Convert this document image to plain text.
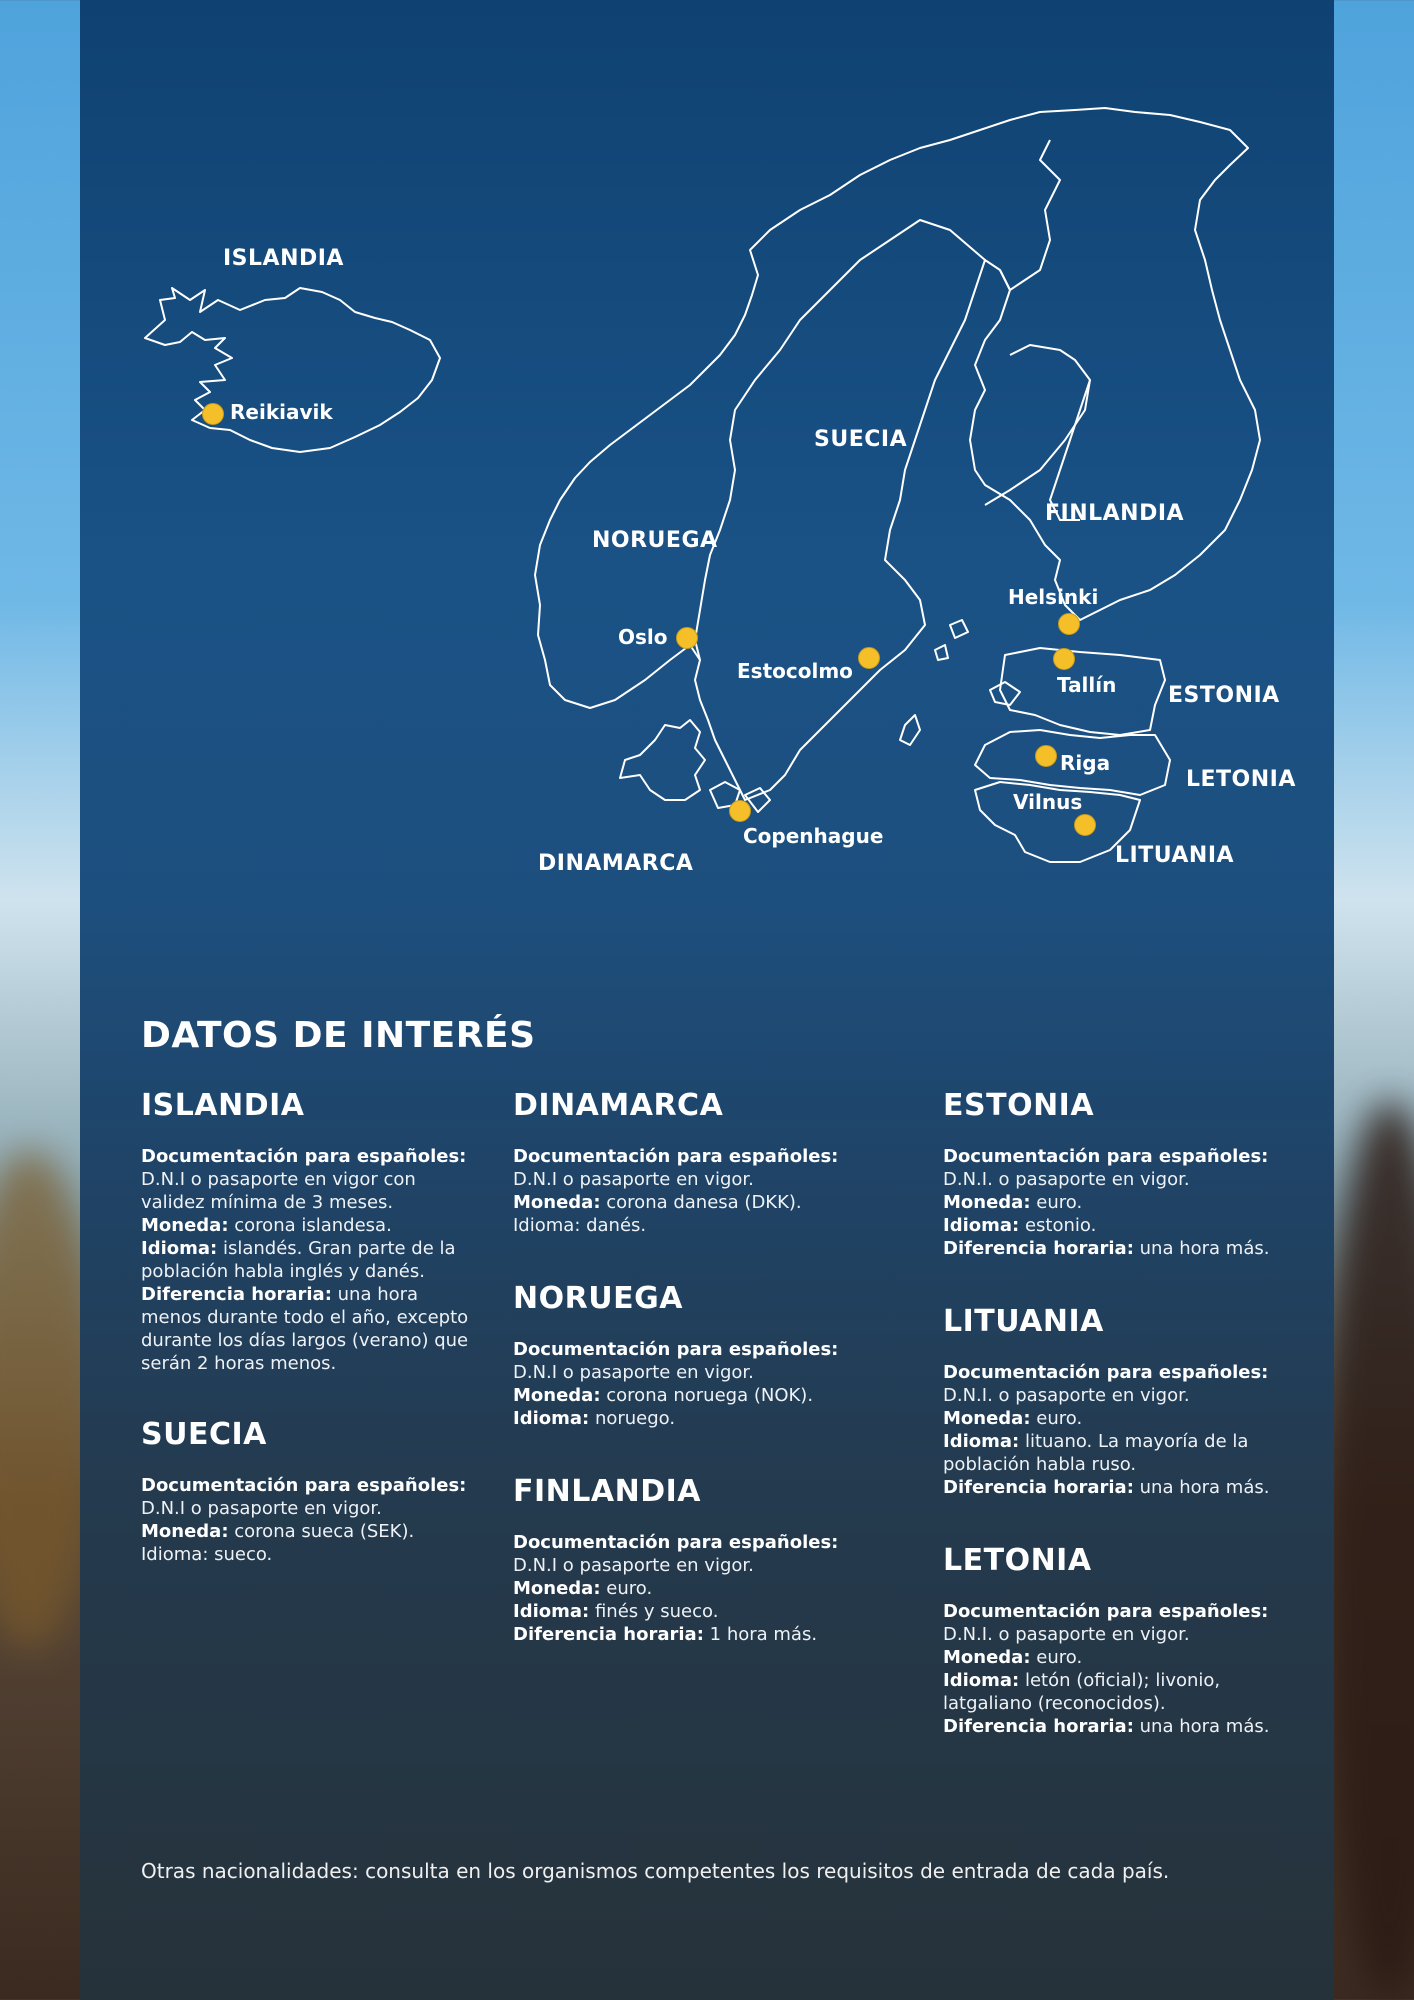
ISLANDIA
SUECIA
NORUEGA
FINLANDIA
ESTONIA
LETONIA
LITUANIA
DINAMARCA
Reikiavik
Helsinki
Oslo
Estocolmo
Tallín
Riga
Vilnus
Copenhague
DATOS DE INTERÉS
ISLANDIA

Documentación para españoles:
D.N.I o pasaporte en vigor con validez mínima de 3 meses.
Moneda: corona islandesa.
Idioma: islandés. Gran parte de la población habla inglés y danés.
Diferencia horaria: una hora menos durante todo el año, excepto durante los días largos (verano) que serán 2 horas menos.

SUECIA

Documentación para españoles:
D.N.I o pasaporte en vigor.
Moneda: corona sueca (SEK).
Idioma: sueco.

DINAMARCA

Documentación para españoles:
D.N.I o pasaporte en vigor.
Moneda: corona danesa (DKK).
Idioma: danés.

NORUEGA

Documentación para españoles:
D.N.I o pasaporte en vigor.
Moneda: corona noruega (NOK).
Idioma: noruego.

FINLANDIA

Documentación para españoles:
D.N.I o pasaporte en vigor.
Moneda: euro.
Idioma: finés y sueco.
Diferencia horaria: 1 hora más.

ESTONIA

Documentación para españoles:
D.N.I. o pasaporte en vigor.
Moneda: euro.
Idioma: estonio.
Diferencia horaria: una hora más.

LITUANIA

Documentación para españoles:
D.N.I. o pasaporte en vigor.
Moneda: euro.
Idioma: lituano. La mayoría de la población habla ruso.
Diferencia horaria: una hora más.

LETONIA

Documentación para españoles:
D.N.I. o pasaporte en vigor.
Moneda: euro.
Idioma: letón (oficial); livonio, latgaliano (reconocidos).
Diferencia horaria: una hora más.

Otras nacionalidades: consulta en los organismos competentes los requisitos de entrada de cada país.
